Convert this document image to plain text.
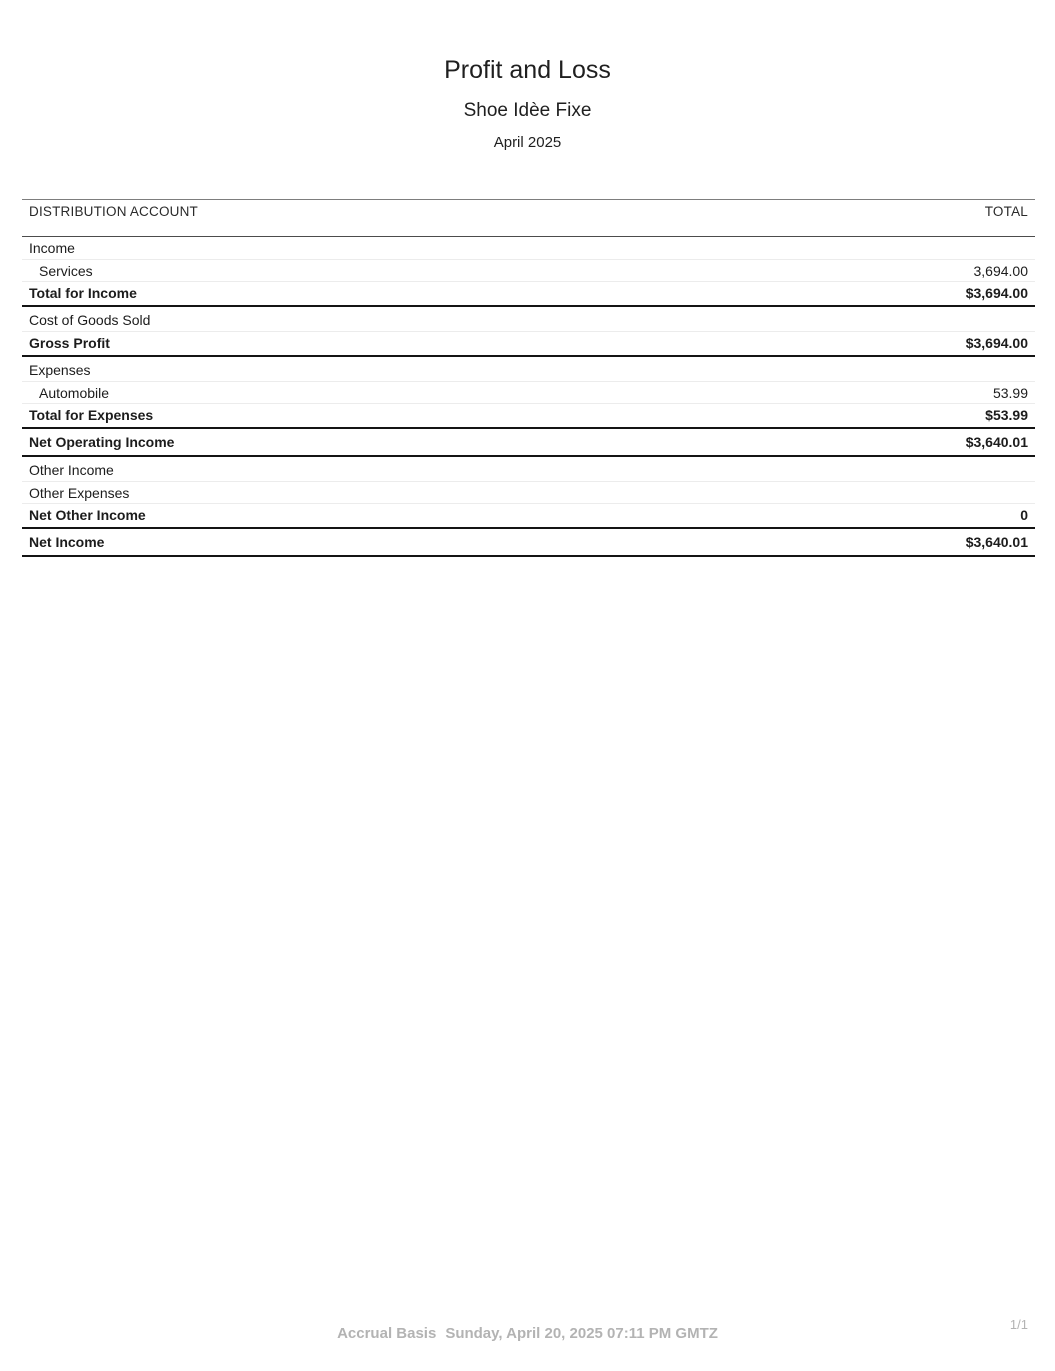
Profit and Loss
Shoe Idèe Fixe
April 2025
DISTRIBUTION ACCOUNT	TOTAL
Income
Services	3,694.00
Total for Income	$3,694.00
Cost of Goods Sold
Gross Profit	$3,694.00
Expenses
Automobile	53.99
Total for Expenses	$53.99
Net Operating Income	$3,640.01
Other Income
Other Expenses
Net Other Income	0
Net Income	$3,640.01
Accrual Basis Sunday, April 20, 2025 07:11 PM GMTZ
1/1
